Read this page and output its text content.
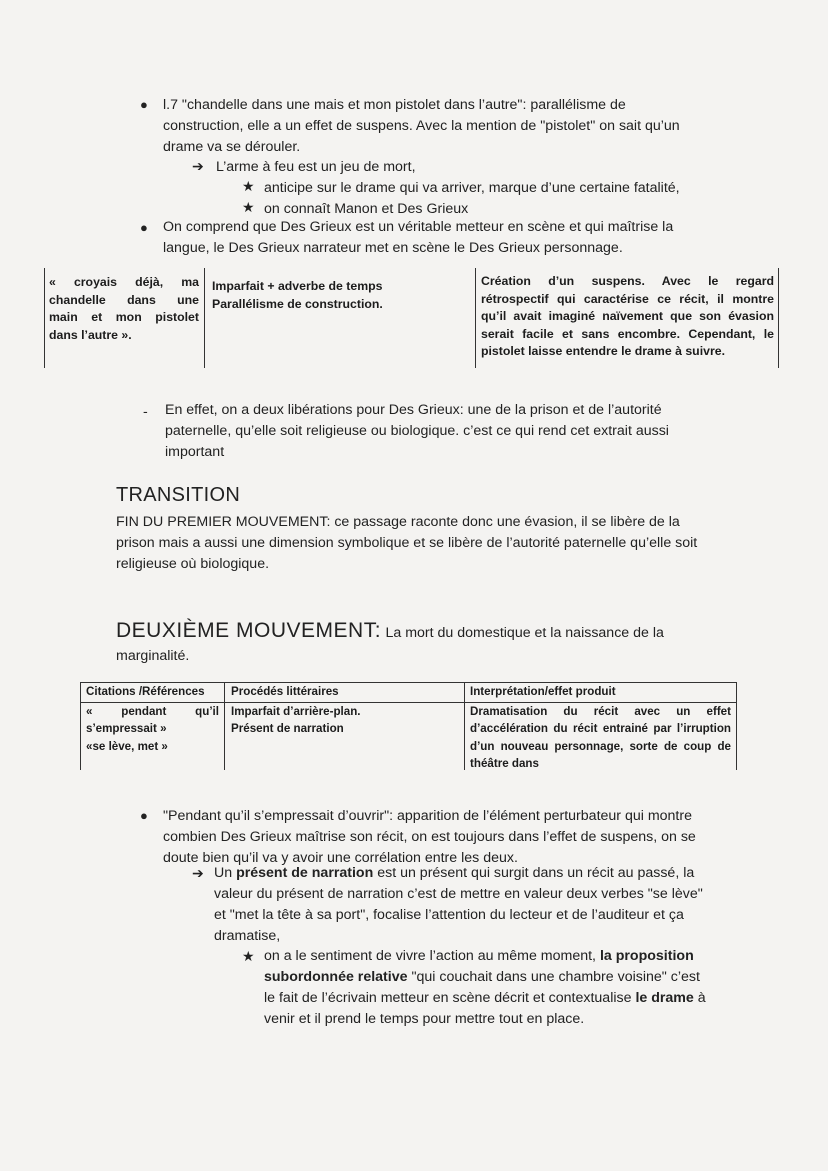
● l.7 "chandelle dans une mais et mon pistolet dans l’autre": parallélisme de
construction, elle a un effet de suspens. Avec la mention de "pistolet" on sait qu’un
drame va se dérouler.
➔ L’arme à feu est un jeu de mort,
★ anticipe sur le drame qui va arriver, marque d’une certaine fatalité,
★ on connaît Manon et Des Grieux
● On comprend que Des Grieux est un véritable metteur en scène et qui maîtrise la
langue, le Des Grieux narrateur met en scène le Des Grieux personnage.
« croyais déjà, ma
chandelle dans une
main et mon pistolet
dans l’autre ».
Imparfait + adverbe de temps
Parallélisme de construction.
Création d’un suspens. Avec le regard
rétrospectif qui caractérise ce récit, il montre
qu’il avait imaginé naïvement que son évasion
serait facile et sans encombre. Cependant, le
pistolet laisse entendre le drame à suivre.
- En effet, on a deux libérations pour Des Grieux: une de la prison et de l’autorité
paternelle, qu’elle soit religieuse ou biologique. c’est ce qui rend cet extrait aussi
important
TRANSITION
FIN DU PREMIER MOUVEMENT: ce passage raconte donc une évasion, il se libère de la
prison mais a aussi une dimension symbolique et se libère de l’autorité paternelle qu’elle soit
religieuse où biologique.
DEUXIÈME MOUVEMENT: La mort du domestique et la naissance de la
marginalité.
Citations /Références Procédés littéraires	Interprétation/effet produit
« pendant qu’il
s’empressait »
«se lève, met »
Imparfait d’arrière-plan.
Présent de narration
Dramatisation du récit avec un effet
d’accélération du récit entrainé par l’irruption
d’un nouveau personnage, sorte de coup de
théâtre dans
● "Pendant qu’il s’empressait d’ouvrir": apparition de l’élément perturbateur qui montre
combien Des Grieux maîtrise son récit, on est toujours dans l’effet de suspens, on se
doute bien qu’il va y avoir une corrélation entre les deux.
➔ Un présent de narration est un présent qui surgit dans un récit au passé, la
valeur du présent de narration c’est de mettre en valeur deux verbes "se lève"
et "met la tête à sa port", focalise l’attention du lecteur et de l’auditeur et ça
dramatise,
★ on a le sentiment de vivre l’action au même moment, la proposition
subordonnée relative "qui couchait dans une chambre voisine" c’est
le fait de l’écrivain metteur en scène décrit et contextualise le drame à
venir et il prend le temps pour mettre tout en place.
